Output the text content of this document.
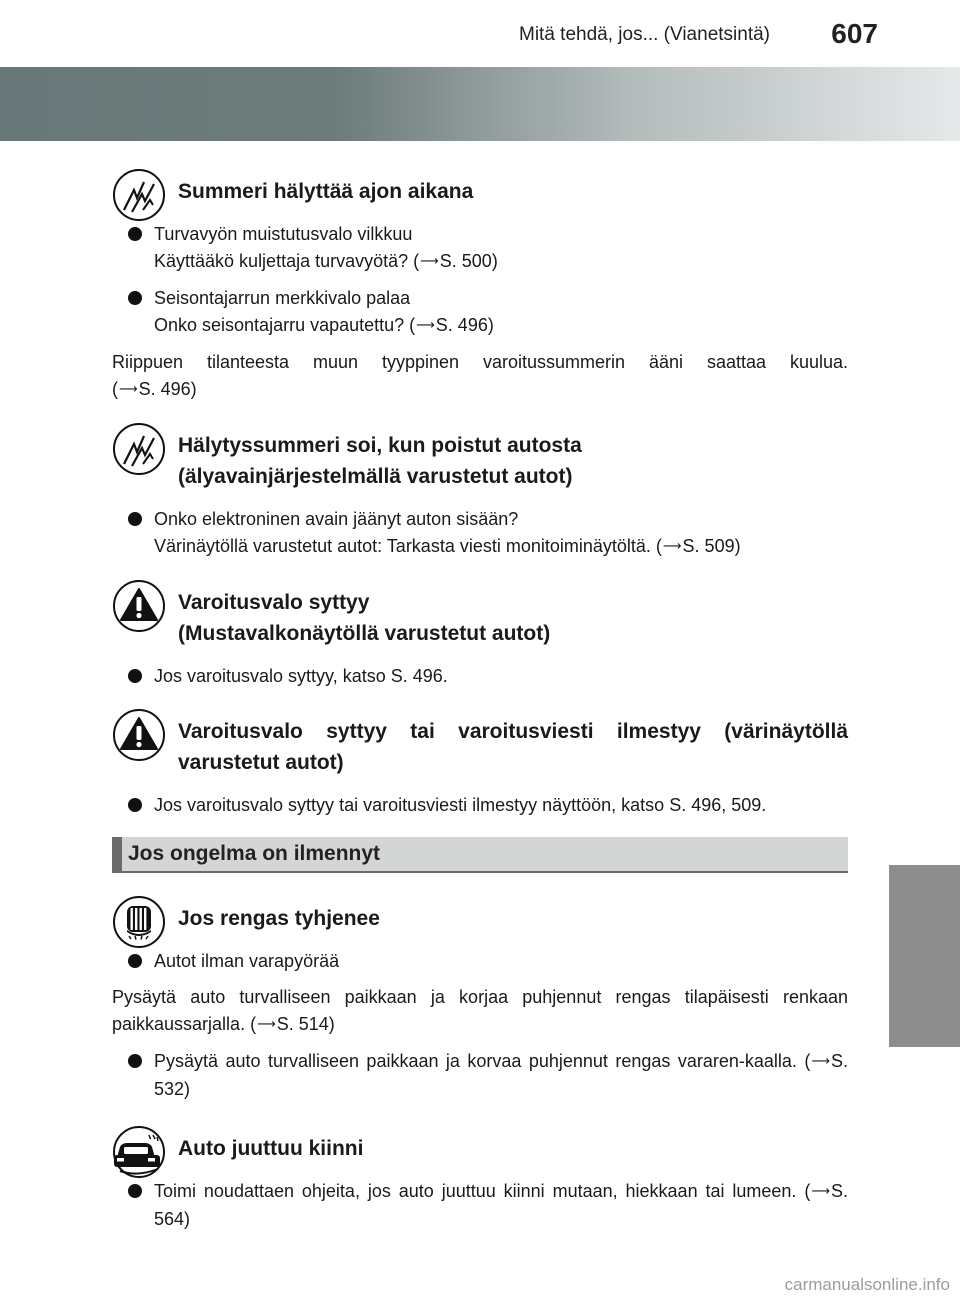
Mitä tehdä, jos... (Vianetsintä) 607
Summeri hälyttää ajon aikana
Turvavyön muistutusvalo vilkkuu
Käyttääkö kuljettaja turvavyötä? (⟶S. 500)
Seisontajarrun merkkivalo palaa
Onko seisontajarru vapautettu? (⟶S. 496)
Riippuen tilanteesta muun tyyppinen varoitussummerin ääni saattaa kuulua.
(⟶S. 496)
Hälytyssummeri soi, kun poistut autosta
(älyavainjärjestelmällä varustetut autot)
Onko elektroninen avain jäänyt auton sisään?
Värinäytöllä varustetut autot: Tarkasta viesti monitoiminäytöltä. (⟶S. 509)
Varoitusvalo syttyy
(Mustavalkonäytöllä varustetut autot)
Jos varoitusvalo syttyy, katso S. 496.
Varoitusvalo syttyy tai varoitusviesti ilmestyy (värinäytöllä varustetut autot)
Jos varoitusvalo syttyy tai varoitusviesti ilmestyy näyttöön, katso S. 496, 509.
Jos ongelma on ilmennyt
Jos rengas tyhjenee
Autot ilman varapyörää
Pysäytä auto turvalliseen paikkaan ja korjaa puhjennut rengas tilapäisesti renkaan paikkaussarjalla. (⟶S. 514)
Pysäytä auto turvalliseen paikkaan ja korvaa puhjennut rengas vararen-kaalla. (⟶S. 532)
Auto juuttuu kiinni
Toimi noudattaen ohjeita, jos auto juuttuu kiinni mutaan, hiekkaan tai lumeen. (⟶S. 564)
carmanualsonline.info
